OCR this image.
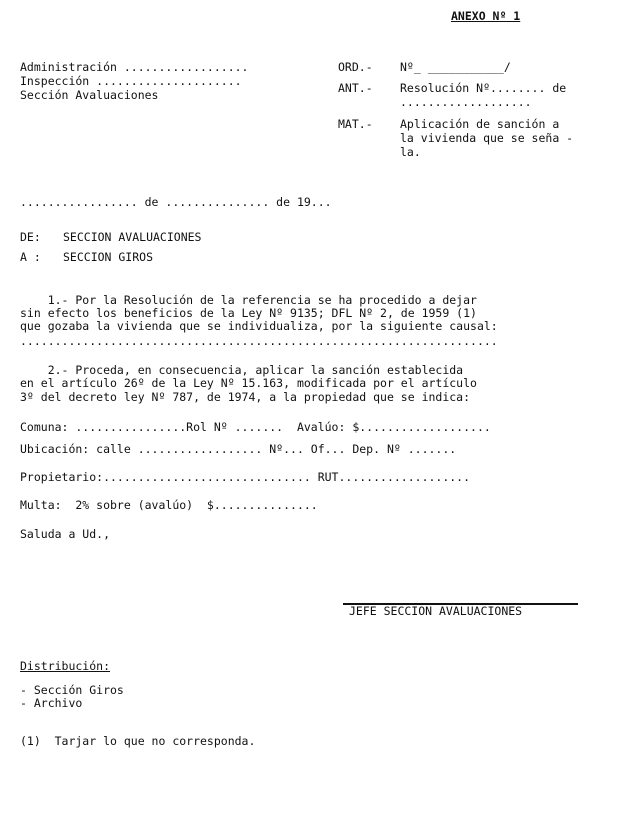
ANEXO Nº 1
Administración ..................
Inspección .....................
Sección Avaluaciones
ORD.- Nº_ ___________/
ANT.- Resolución Nº........ de
...................
MAT.- Aplicación de sanción a
la vivienda que se seña -
la.
................. de ............... de 19...
DE: SECCION AVALUACIONES
A : SECCION GIROS
1.- Por la Resolución de la referencia se ha procedido a dejar
sin efecto los beneficios de la Ley Nº 9135; DFL Nº 2, de 1959 (1)
que gozaba la vivienda que se individualiza, por la siguiente causal:
.....................................................................
2.- Proceda, en consecuencia, aplicar la sanción establecida
en el artículo 26º de la Ley Nº 15.163, modificada por el artículo
3º del decreto ley Nº 787, de 1974, a la propiedad que se indica:
Comuna: ................Rol Nº .......  Avalúo: $...................
Ubicación: calle .................. Nº... Of... Dep. Nº .......
Propietario:.............................. RUT...................
Multa:  2% sobre (avalúo)  $...............
Saluda a Ud.,
JEFE SECCION AVALUACIONES
Distribución:
- Sección Giros
- Archivo
(1)  Tarjar lo que no corresponda.
